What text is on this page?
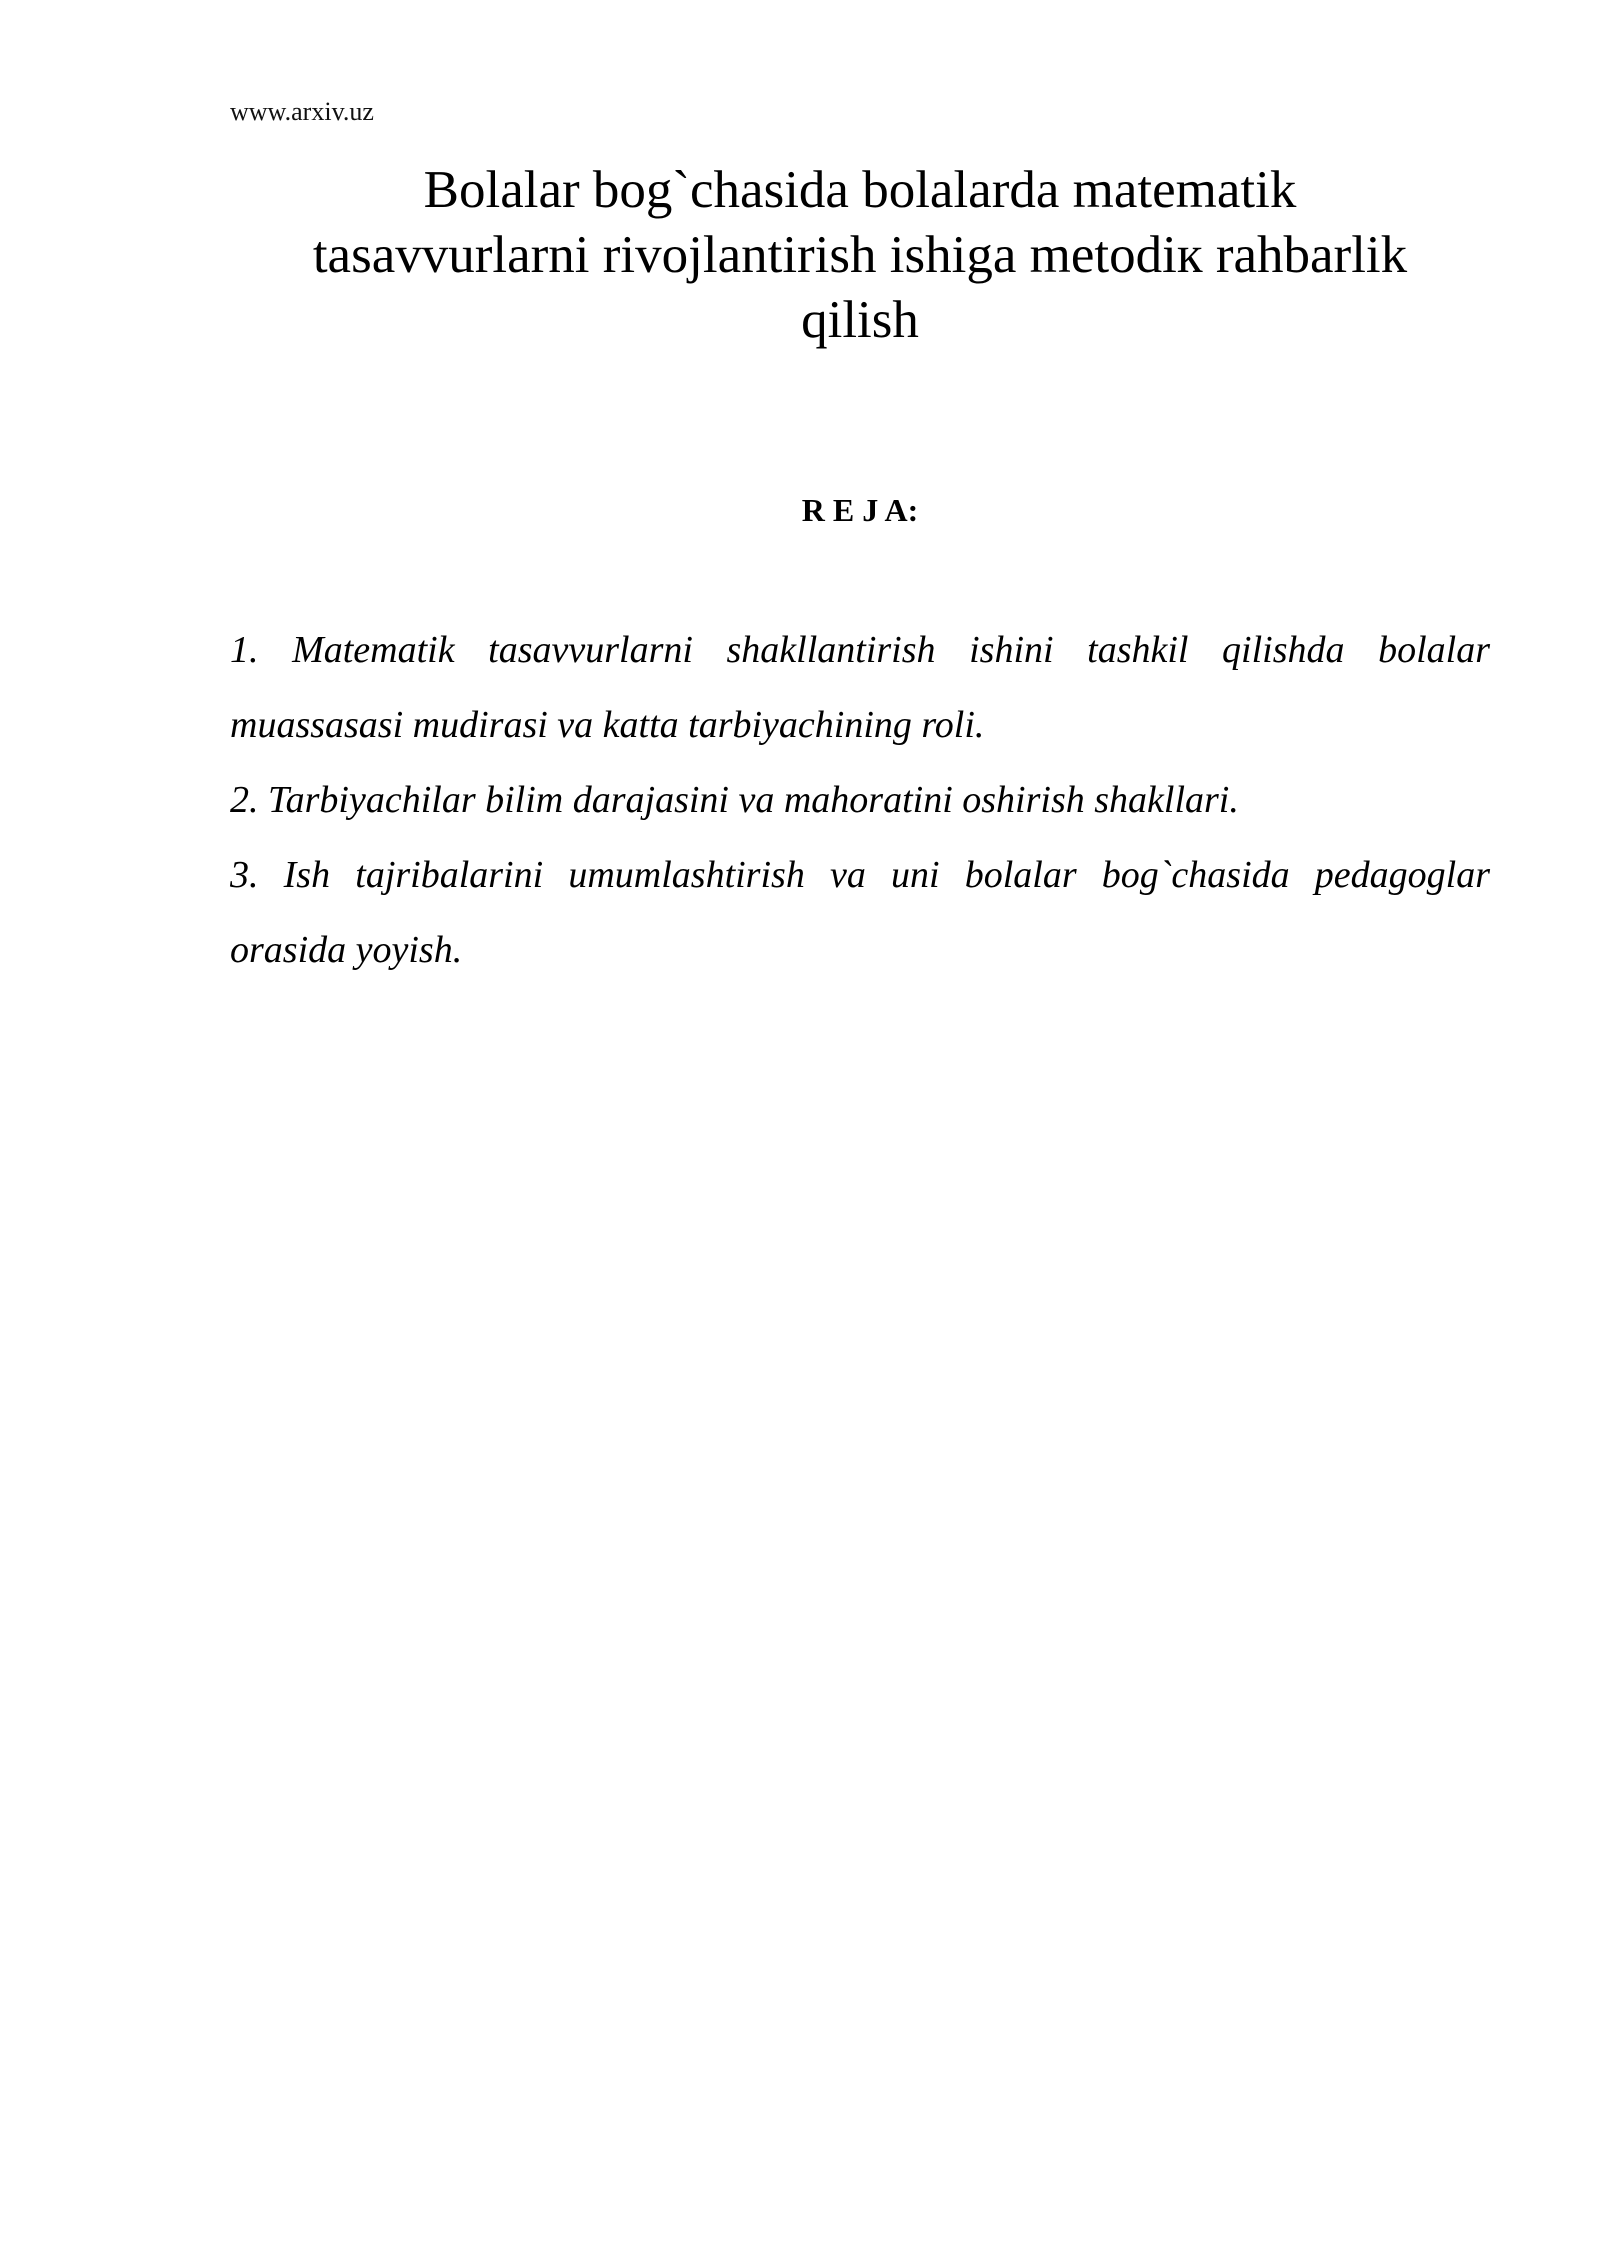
www.arxiv.uz
Bolalar bog`chasida bolalarda matematik
tasavvurlarni rivojlantirish ishiga metodiк rahbarlik
qilish
R E J A:
1. Matematik tasavvurlarni shakllantirish ishini tashkil qilishda bolalar muassasasi mudirasi va katta tarbiyachining roli.
2. Tarbiyachilar bilim darajasini va mahoratini oshirish shakllari.
3. Ish tajribalarini umumlashtirish va uni bolalar bog`chasida pedagoglar orasida yoyish.
